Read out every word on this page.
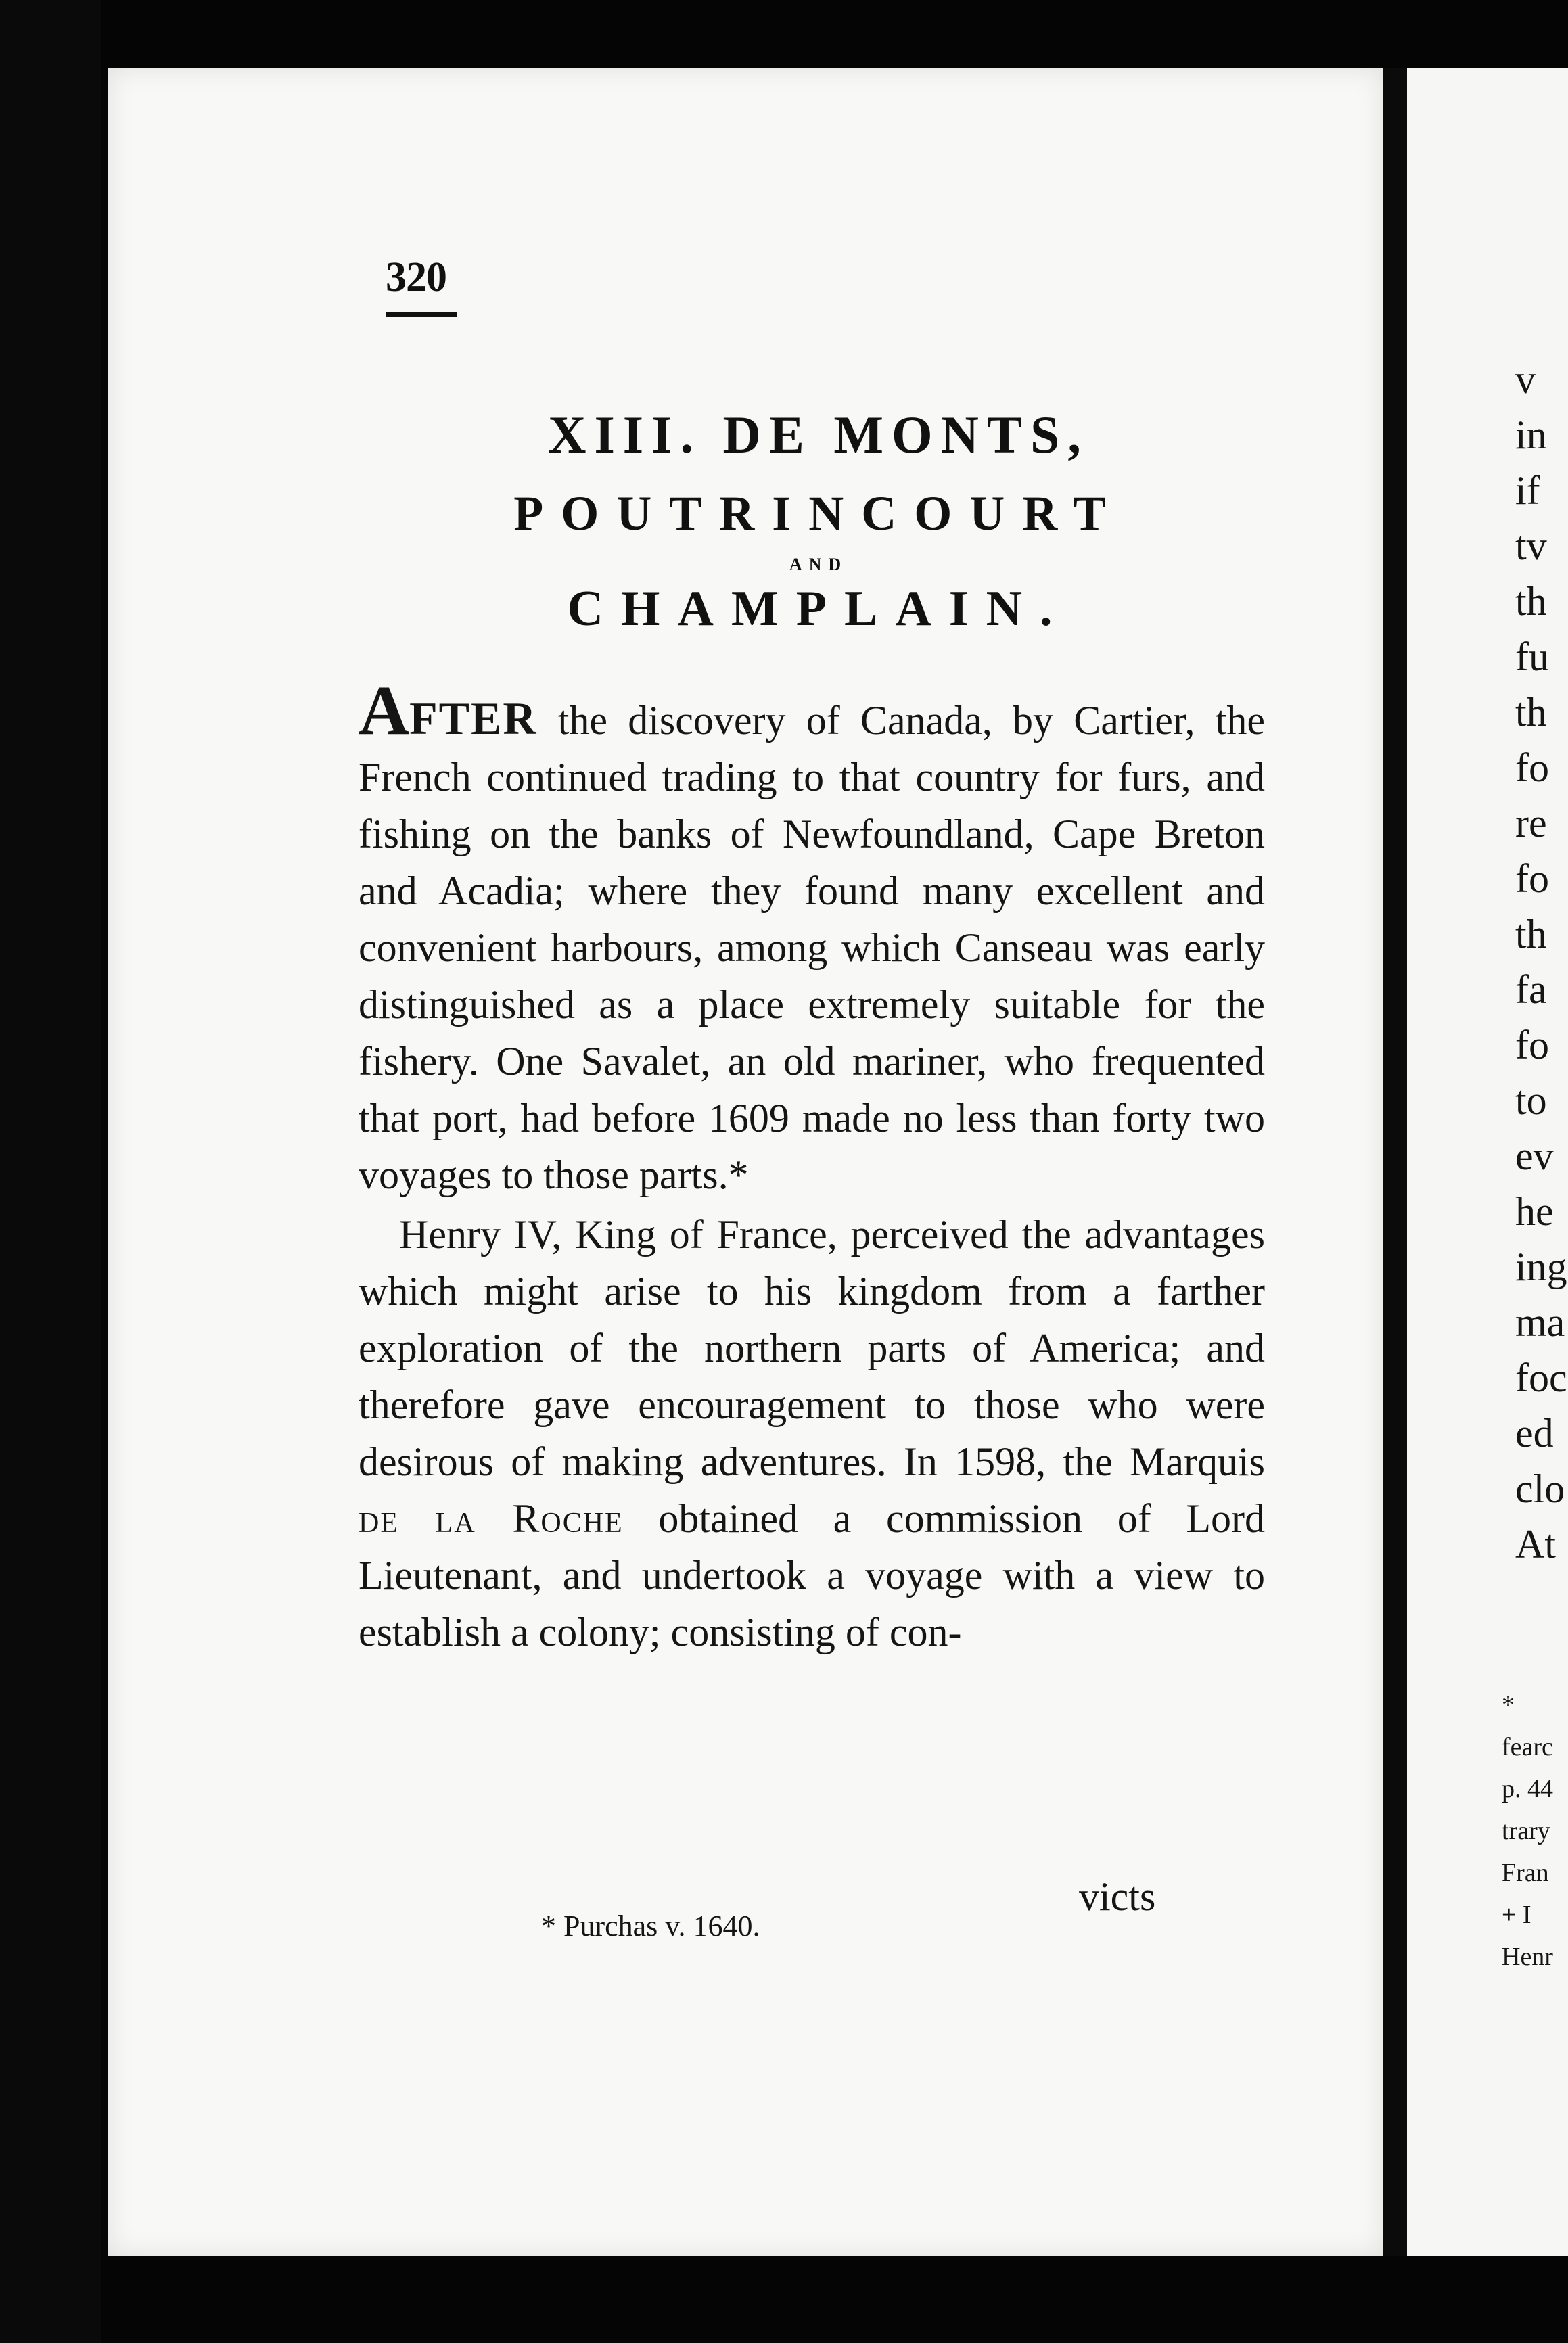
320
XIII. DE MONTS,
POUTRINCOURT
AND
CHAMPLAIN.

AFTER the discovery of Canada, by Cartier, the French continued trading to that country for furs, and fishing on the banks of Newfoundland, Cape Breton and Acadia; where they found many excellent and convenient harbours, among which Canseau was early distinguished as a place extremely suitable for the fishery. One Savalet, an old mariner, who frequented that port, had before 1609 made no less than forty two voyages to those parts.*

Henry IV, King of France, perceived the advantages which might arise to his kingdom from a farther exploration of the northern parts of America; and therefore gave encouragement to those who were desirous of making adventures. In 1598, the Marquis de la Roche obtained a commission of Lord Lieutenant, and undertook a voyage with a view to establish a colony; consisting of con-

victs
* Purchas v. 1640.
v
in
if
tv
th
fu
th
fo
re
fo
th
fa
fo
to
ev
he
ing
ma
foc
ed
clo
At
*
fearc
p. 44
trary
Fran
+ I
Henr
